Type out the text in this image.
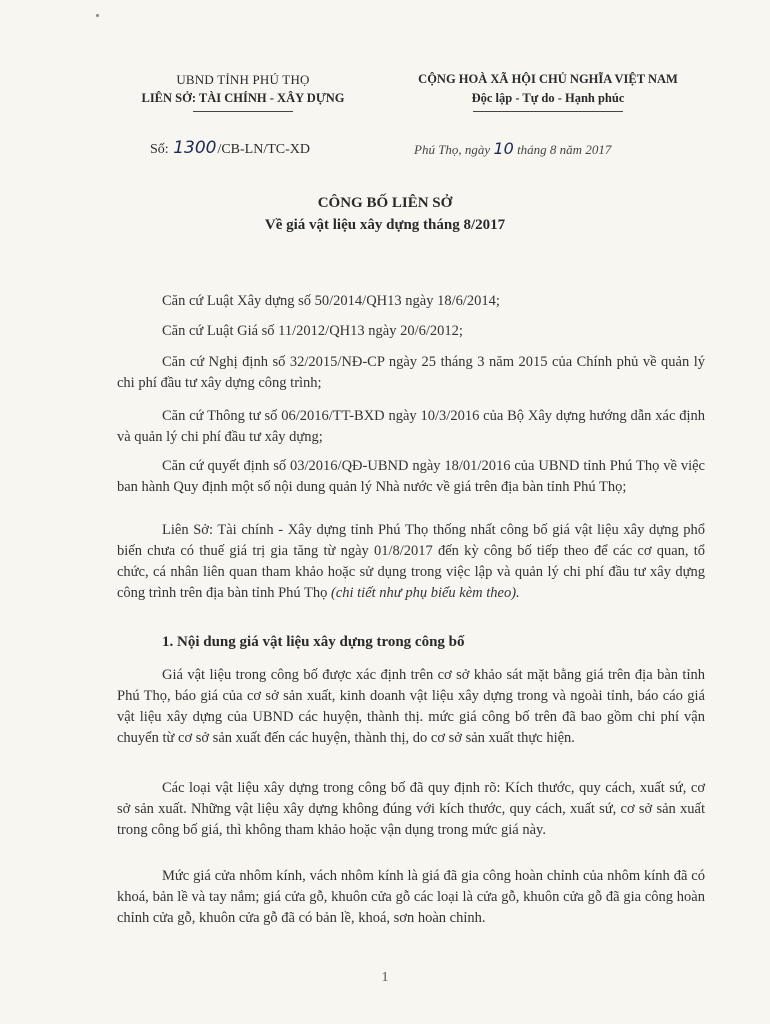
UBND TỈNH PHÚ THỌ
LIÊN SỞ: TÀI CHÍNH - XÂY DỰNG
CỘNG HOÀ XÃ HỘI CHỦ NGHĨA VIỆT NAM
Độc lập - Tự do - Hạnh phúc
Số: 1300/CB-LN/TC-XD	Phú Thọ, ngày 10 tháng 8 năm 2017
CÔNG BỐ LIÊN SỞ
Về giá vật liệu xây dựng tháng 8/2017

Căn cứ Luật Xây dựng số 50/2014/QH13 ngày 18/6/2014;

Căn cứ Luật Giá số 11/2012/QH13 ngày 20/6/2012;

Căn cứ Nghị định số 32/2015/NĐ-CP ngày 25 tháng 3 năm 2015 của Chính phủ về quản lý chi phí đầu tư xây dựng công trình;

Căn cứ Thông tư số 06/2016/TT-BXD ngày 10/3/2016 của Bộ Xây dựng hướng dẫn xác định và quản lý chi phí đầu tư xây dựng;

Căn cứ quyết định số 03/2016/QĐ-UBND ngày 18/01/2016 của UBND tỉnh Phú Thọ về việc ban hành Quy định một số nội dung quản lý Nhà nước về giá trên địa bàn tỉnh Phú Thọ;

Liên Sở: Tài chính - Xây dựng tỉnh Phú Thọ thống nhất công bố giá vật liệu xây dựng phổ biến chưa có thuế giá trị gia tăng từ ngày 01/8/2017 đến kỳ công bố tiếp theo để các cơ quan, tổ chức, cá nhân liên quan tham khảo hoặc sử dụng trong việc lập và quản lý chi phí đầu tư xây dựng công trình trên địa bàn tỉnh Phú Thọ (chi tiết như phụ biểu kèm theo).

1. Nội dung giá vật liệu xây dựng trong công bố

Giá vật liệu trong công bố được xác định trên cơ sở khảo sát mặt bằng giá trên địa bàn tỉnh Phú Thọ, báo giá của cơ sở sản xuất, kinh doanh vật liệu xây dựng trong và ngoài tỉnh, báo cáo giá vật liệu xây dựng của UBND các huyện, thành thị. mức giá công bố trên đã bao gồm chi phí vận chuyển từ cơ sở sản xuất đến các huyện, thành thị, do cơ sở sản xuất thực hiện.

Các loại vật liệu xây dựng trong công bố đã quy định rõ: Kích thước, quy cách, xuất sứ, cơ sở sản xuất. Những vật liệu xây dựng không đúng với kích thước, quy cách, xuất sứ, cơ sở sản xuất trong công bố giá, thì không tham khảo hoặc vận dụng trong mức giá này.

Mức giá cửa nhôm kính, vách nhôm kính là giá đã gia công hoàn chỉnh của nhôm kính đã có khoá, bản lề và tay nắm; giá cửa gỗ, khuôn cửa gỗ các loại là cửa gỗ, khuôn cửa gỗ đã gia công hoàn chỉnh cửa gỗ, khuôn cửa gỗ đã có bản lề, khoá, sơn hoàn chỉnh.

1
